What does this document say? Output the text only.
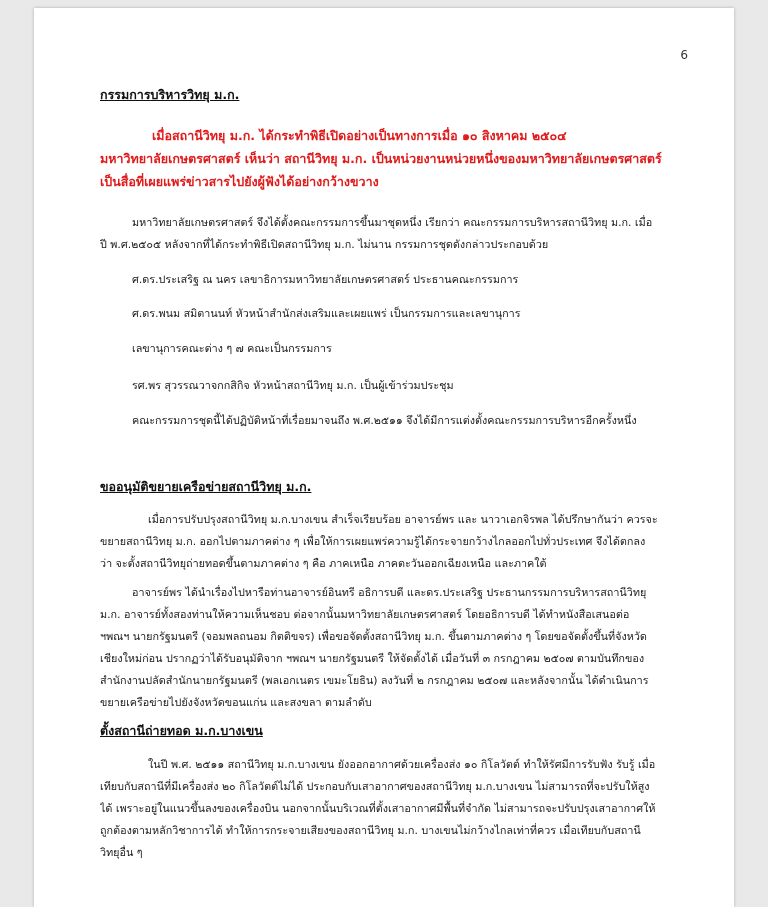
6
กรรมการบริหารวิทยุ ม.ก.
เมื่อสถานีวิทยุ ม.ก. ได้กระทำพิธีเปิดอย่างเป็นทางการเมื่อ ๑๐ สิงหาคม ๒๕๐๔
มหาวิทยาลัยเกษตรศาสตร์ เห็นว่า สถานีวิทยุ ม.ก. เป็นหน่วยงานหน่วยหนึ่งของมหาวิทยาลัยเกษตรศาสตร์
เป็นสื่อที่เผยแพร่ข่าวสารไปยังผู้ฟังได้อย่างกว้างขวาง
มหาวิทยาลัยเกษตรศาสตร์ จึงได้ตั้งคณะกรรมการขึ้นมาชุดหนึ่ง เรียกว่า คณะกรรมการบริหารสถานีวิทยุ ม.ก. เมื่อ
ปี พ.ศ.๒๕๐๕ หลังจากที่ได้กระทำพิธีเปิดสถานีวิทยุ ม.ก. ไม่นาน กรรมการชุดดังกล่าวประกอบด้วย
ศ.ดร.ประเสริฐ ณ นคร เลขาธิการมหาวิทยาลัยเกษตรศาสตร์ ประธานคณะกรรมการ
ศ.ดร.พนม สมิตานนท์ หัวหน้าสำนักส่งเสริมและเผยแพร่ เป็นกรรมการและเลขานุการ
เลขานุการคณะต่าง ๆ ๗ คณะเป็นกรรมการ
รศ.พร สุวรรณวาจกกสิกิจ หัวหน้าสถานีวิทยุ ม.ก. เป็นผู้เข้าร่วมประชุม
คณะกรรมการชุดนี้ได้ปฏิบัติหน้าที่เรื่อยมาจนถึง พ.ศ.๒๕๑๑ จึงได้มีการแต่งตั้งคณะกรรมการบริหารอีกครั้งหนึ่ง
ขออนุมัติขยายเครือข่ายสถานีวิทยุ ม.ก.
เมื่อการปรับปรุงสถานีวิทยุ ม.ก.บางเขน สำเร็จเรียบร้อย อาจารย์พร และ นาวาเอกจิรพล ได้ปรึกษากันว่า ควรจะ
ขยายสถานีวิทยุ ม.ก. ออกไปตามภาคต่าง ๆ เพื่อให้การเผยแพร่ความรู้ได้กระจายกว้างไกลออกไปทั่วประเทศ จึงได้ตกลง
ว่า จะตั้งสถานีวิทยุถ่ายทอดขึ้นตามภาคต่าง ๆ คือ ภาคเหนือ ภาคตะวันออกเฉียงเหนือ และภาคใต้
อาจารย์พร ได้นำเรื่องไปหารือท่านอาจารย์อินทรี อธิการบดี และดร.ประเสริฐ ประธานกรรมการบริหารสถานีวิทยุ
ม.ก. อาจารย์ทั้งสองท่านให้ความเห็นชอบ ต่อจากนั้นมหาวิทยาลัยเกษตรศาสตร์ โดยอธิการบดี ได้ทำหนังสือเสนอต่อ
ฯพณฯ นายกรัฐมนตรี (จอมพลถนอม กิตติขจร) เพื่อขอจัดตั้งสถานีวิทยุ ม.ก. ขึ้นตามภาคต่าง ๆ โดยขอจัดตั้งขึ้นที่จังหวัด
เชียงใหม่ก่อน ปรากฏว่าได้รับอนุมัติจาก ฯพณฯ นายกรัฐมนตรี ให้จัดตั้งได้ เมื่อวันที่ ๓ กรกฎาคม ๒๕๐๗ ตามบันทึกของ
สำนักงานปลัดสำนักนายกรัฐมนตรี (พลเอกเนตร เขมะโยธิน) ลงวันที่ ๒ กรกฎาคม ๒๕๐๗ และหลังจากนั้น ได้ดำเนินการ
ขยายเครือข่ายไปยังจังหวัดขอนแก่น และสงขลา ตามลำดับ
ตั้งสถานีถ่ายทอด ม.ก.บางเขน
ในปี พ.ศ. ๒๕๑๑ สถานีวิทยุ ม.ก.บางเขน ยังออกอากาศด้วยเครื่องส่ง ๑๐ กิโลวัตต์ ทำให้รัศมีการรับฟัง รับรู้ เมื่อ
เทียบกับสถานีที่มีเครื่องส่ง ๒๐ กิโลวัตต์ไม่ได้ ประกอบกับเสาอากาศของสถานีวิทยุ ม.ก.บางเขน ไม่สามารถที่จะปรับให้สูง
ได้ เพราะอยู่ในแนวขึ้นลงของเครื่องบิน นอกจากนั้นบริเวณที่ตั้งเสาอากาศมีพื้นที่จำกัด ไม่สามารถจะปรับปรุงเสาอากาศให้
ถูกต้องตามหลักวิชาการได้ ทำให้การกระจายเสียงของสถานีวิทยุ ม.ก. บางเขนไม่กว้างไกลเท่าที่ควร เมื่อเทียบกับสถานี
วิทยุอื่น ๆ
